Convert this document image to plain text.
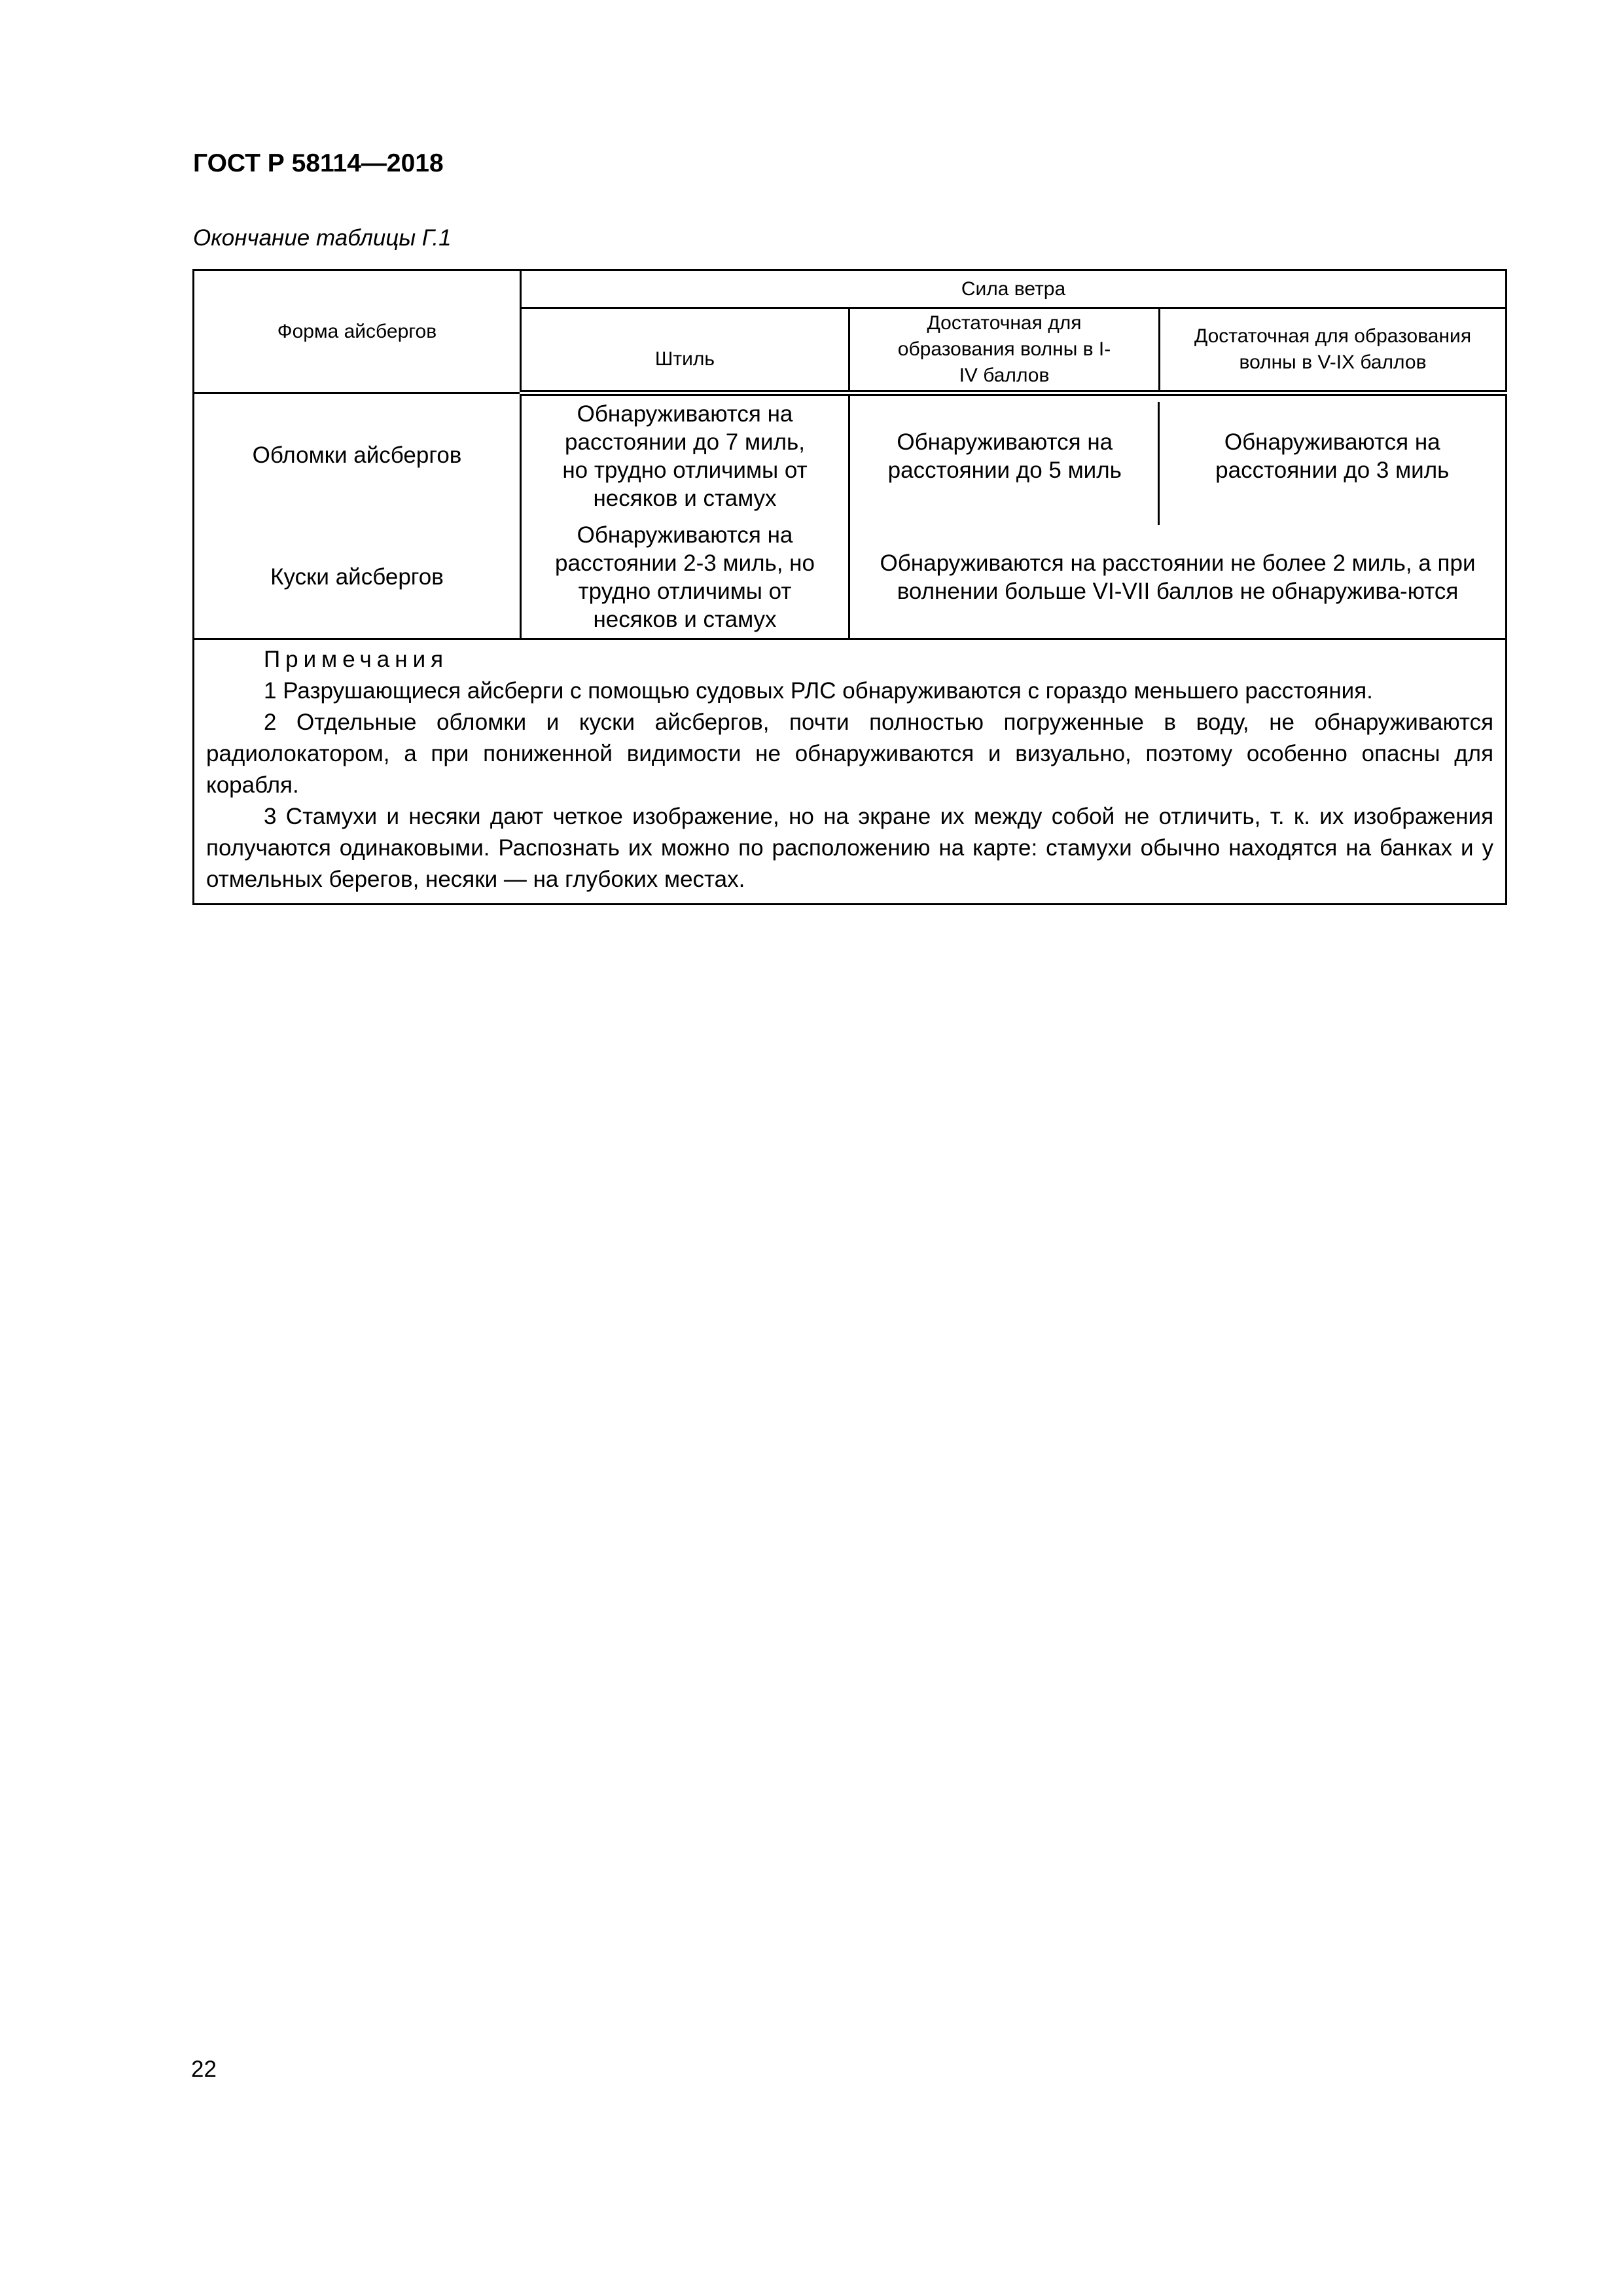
ГОСТ Р 58114—2018
Окончание таблицы Г.1
Форма айсбергов	Сила ветра		
	Штиль	Достаточная для образования волны в I-IV баллов	Достаточная для образования волны в V-IX баллов
Обломки айсбергов	Обнаруживаются на расстоянии до 7 миль, но трудно отличимы от несяков и стамух	Обнаруживаются на расстоянии до 5 миль	Обнаруживаются на расстоянии до 3 миль
Куски айсбергов	Обнаруживаются на расстоянии 2-3 миль, но трудно отличимы от несяков и стамух	Обнаруживаются на расстоянии не более 2 миль, а при волнении больше VI-VII баллов не обнаружива-ются	

Примечания

1 Разрушающиеся айсберги с помощью судовых РЛС обнаруживаются с гораздо меньшего расстояния.

2 Отдельные обломки и куски айсбергов, почти полностью погруженные в воду, не обнаруживаются радиолокатором, а при пониженной видимости не обнаруживаются и визуально, поэтому особенно опасны для корабля.

3 Стамухи и несяки дают четкое изображение, но на экране их между собой не отличить, т. к. их изображения получаются одинаковыми. Распознать их можно по расположению на карте: стамухи обычно находятся на банках и у отмельных берегов, несяки — на глубоких местах.			

22
